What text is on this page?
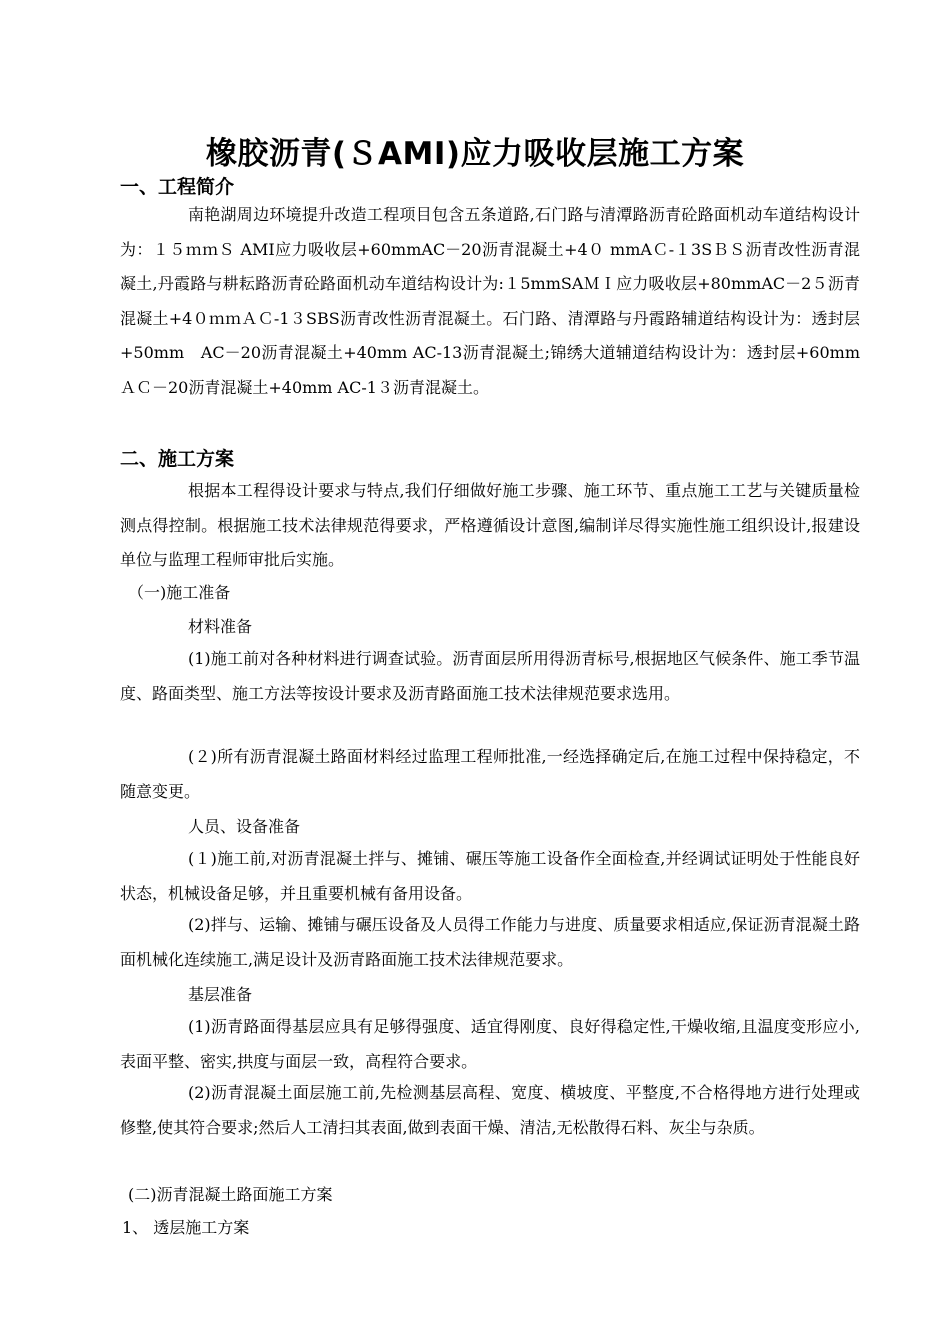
橡胶沥青(ＳAMI)应力吸收层施工方案
一、工程简介

南艳湖周边环境提升改造工程项目包含五条道路,石门路与清潭路沥青砼路面机动车道结构设计为：１５ｍｍＳ AMI应力吸收层+60mmAC－20沥青混凝土+4０ mmAＣ-１3SＢＳ沥青改性沥青混凝土,丹霞路与耕耘路沥青砼路面机动车道结构设计为:１5mmSAＭＩ应力吸收层+80mmAC－2５沥青混凝土+4０ｍｍＡＣ-1３SBS沥青改性沥青混凝土。石门路、清潭路与丹霞路辅道结构设计为：透封层+50mm　AC－20沥青混凝土+40mm AC-13沥青混凝土;锦绣大道辅道结构设计为：透封层+60mmＡＣ－20沥青混凝土+40mm AC-1３沥青混凝土。

二、施工方案

根据本工程得设计要求与特点,我们仔细做好施工步骤、施工环节、重点施工工艺与关键质量检测点得控制。根据施工技术法律规范得要求，严格遵循设计意图,编制详尽得实施性施工组织设计,报建设单位与监理工程师审批后实施。

（一)施工准备
材料准备

(1)施工前对各种材料进行调查试验。沥青面层所用得沥青标号,根据地区气候条件、施工季节温度、路面类型、施工方法等按设计要求及沥青路面施工技术法律规范要求选用。

(２)所有沥青混凝土路面材料经过监理工程师批准,一经选择确定后,在施工过程中保持稳定，不随意变更。

人员、设备准备

(１)施工前,对沥青混凝土拌与、摊铺、碾压等施工设备作全面检查,并经调试证明处于性能良好状态，机械设备足够，并且重要机械有备用设备。

(2)拌与、运输、摊铺与碾压设备及人员得工作能力与进度、质量要求相适应,保证沥青混凝土路面机械化连续施工,满足设计及沥青路面施工技术法律规范要求。

基层准备

(1)沥青路面得基层应具有足够得强度、适宜得刚度、良好得稳定性,干燥收缩,且温度变形应小,表面平整、密实,拱度与面层一致，高程符合要求。

(2)沥青混凝土面层施工前,先检测基层高程、宽度、横坡度、平整度,不合格得地方进行处理或修整,使其符合要求;然后人工清扫其表面,做到表面干燥、清洁,无松散得石料、灰尘与杂质。

(二)沥青混凝土路面施工方案
1、 透层施工方案
